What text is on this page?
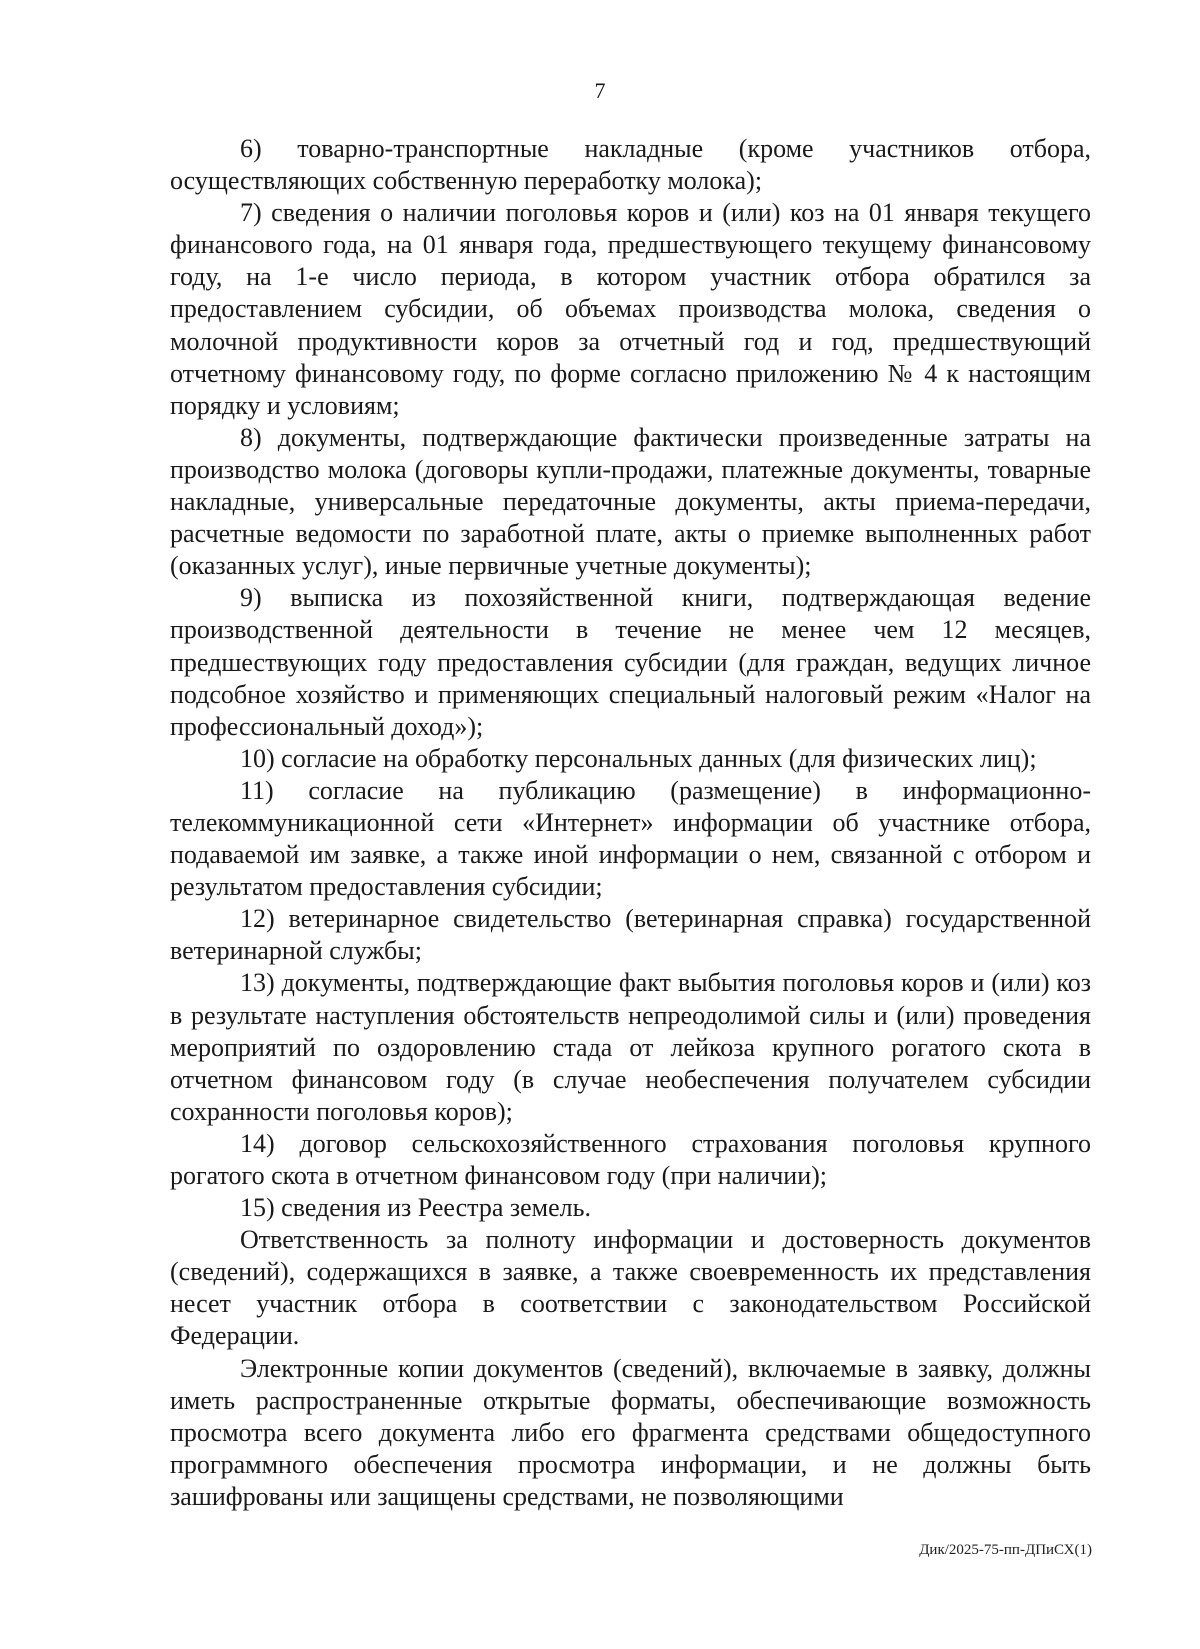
7

6) товарно-транспортные накладные (кроме участников отбора, осуществляющих собственную переработку молока);

7) сведения о наличии поголовья коров и (или) коз на 01 января текущего финансового года, на 01 января года, предшествующего текущему финансовому году, на 1-е число периода, в котором участник отбора обратился за предоставлением субсидии, об объемах производства молока, сведения о молочной продуктивности коров за отчетный год и год, предшествующий отчетному финансовому году, по форме согласно приложению № 4 к настоящим порядку и условиям;

8) документы, подтверждающие фактически произведенные затраты на производство молока (договоры купли-продажи, платежные документы, товарные накладные, универсальные передаточные документы, акты приема-передачи, расчетные ведомости по заработной плате, акты о приемке выполненных работ (оказанных услуг), иные первичные учетные документы);

9) выписка из похозяйственной книги, подтверждающая ведение производственной деятельности в течение не менее чем 12 месяцев, предшествующих году предоставления субсидии (для граждан, ведущих личное подсобное хозяйство и применяющих специальный налоговый режим «Налог на профессиональный доход»);

10) согласие на обработку персональных данных (для физических лиц);

11) согласие на публикацию (размещение) в информационно-телекоммуникационной сети «Интернет» информации об участнике отбора, подаваемой им заявке, а также иной информации о нем, связанной с отбором и результатом предоставления субсидии;

12) ветеринарное свидетельство (ветеринарная справка) государственной ветеринарной службы;

13) документы, подтверждающие факт выбытия поголовья коров и (или) коз в результате наступления обстоятельств непреодолимой силы и (или) проведения мероприятий по оздоровлению стада от лейкоза крупного рогатого скота в отчетном финансовом году (в случае необеспечения получателем субсидии сохранности поголовья коров);

14) договор сельскохозяйственного страхования поголовья крупного рогатого скота в отчетном финансовом году (при наличии);

15) сведения из Реестра земель.

Ответственность за полноту информации и достоверность документов (сведений), содержащихся в заявке, а также своевременность их представления несет участник отбора в соответствии с законодательством Российской Федерации.

Электронные копии документов (сведений), включаемые в заявку, должны иметь распространенные открытые форматы, обеспечивающие возможность просмотра всего документа либо его фрагмента средствами общедоступного программного обеспечения просмотра информации, и не должны быть зашифрованы или защищены средствами, не позволяющими

Дик/2025-75-пп-ДПиСХ(1)
